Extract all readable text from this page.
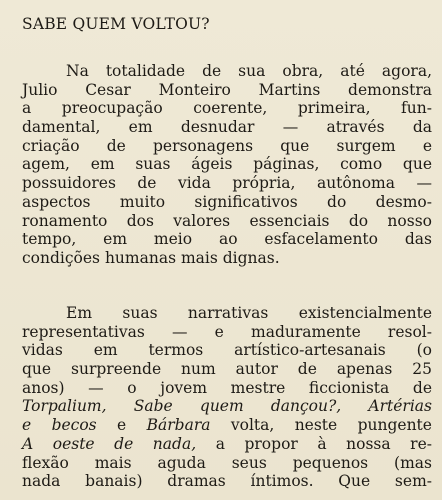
SABE QUEM VOLTOU?
Na totalidade de sua obra, até agora,
Julio Cesar Monteiro Martins demonstra
a preocupação coerente, primeira, fun-
damental, em desnudar — através da
criação de personagens que surgem e
agem, em suas ágeis páginas, como que
possuidores de vida própria, autônoma —
aspectos muito significativos do desmo-
ronamento dos valores essenciais do nosso
tempo, em meio ao esfacelamento das
condições humanas mais dignas.
Em suas narrativas existencialmente
representativas — e maduramente resol-
vidas em termos artístico-artesanais (o
que surpreende num autor de apenas 25
anos) — o jovem mestre ficcionista de
Torpalium, Sabe quem dançou?, Artérias
e becos e Bárbara volta, neste pungente
A oeste de nada, a propor à nossa re-
flexão mais aguda seus pequenos (mas
nada banais) dramas íntimos. Que sem-
